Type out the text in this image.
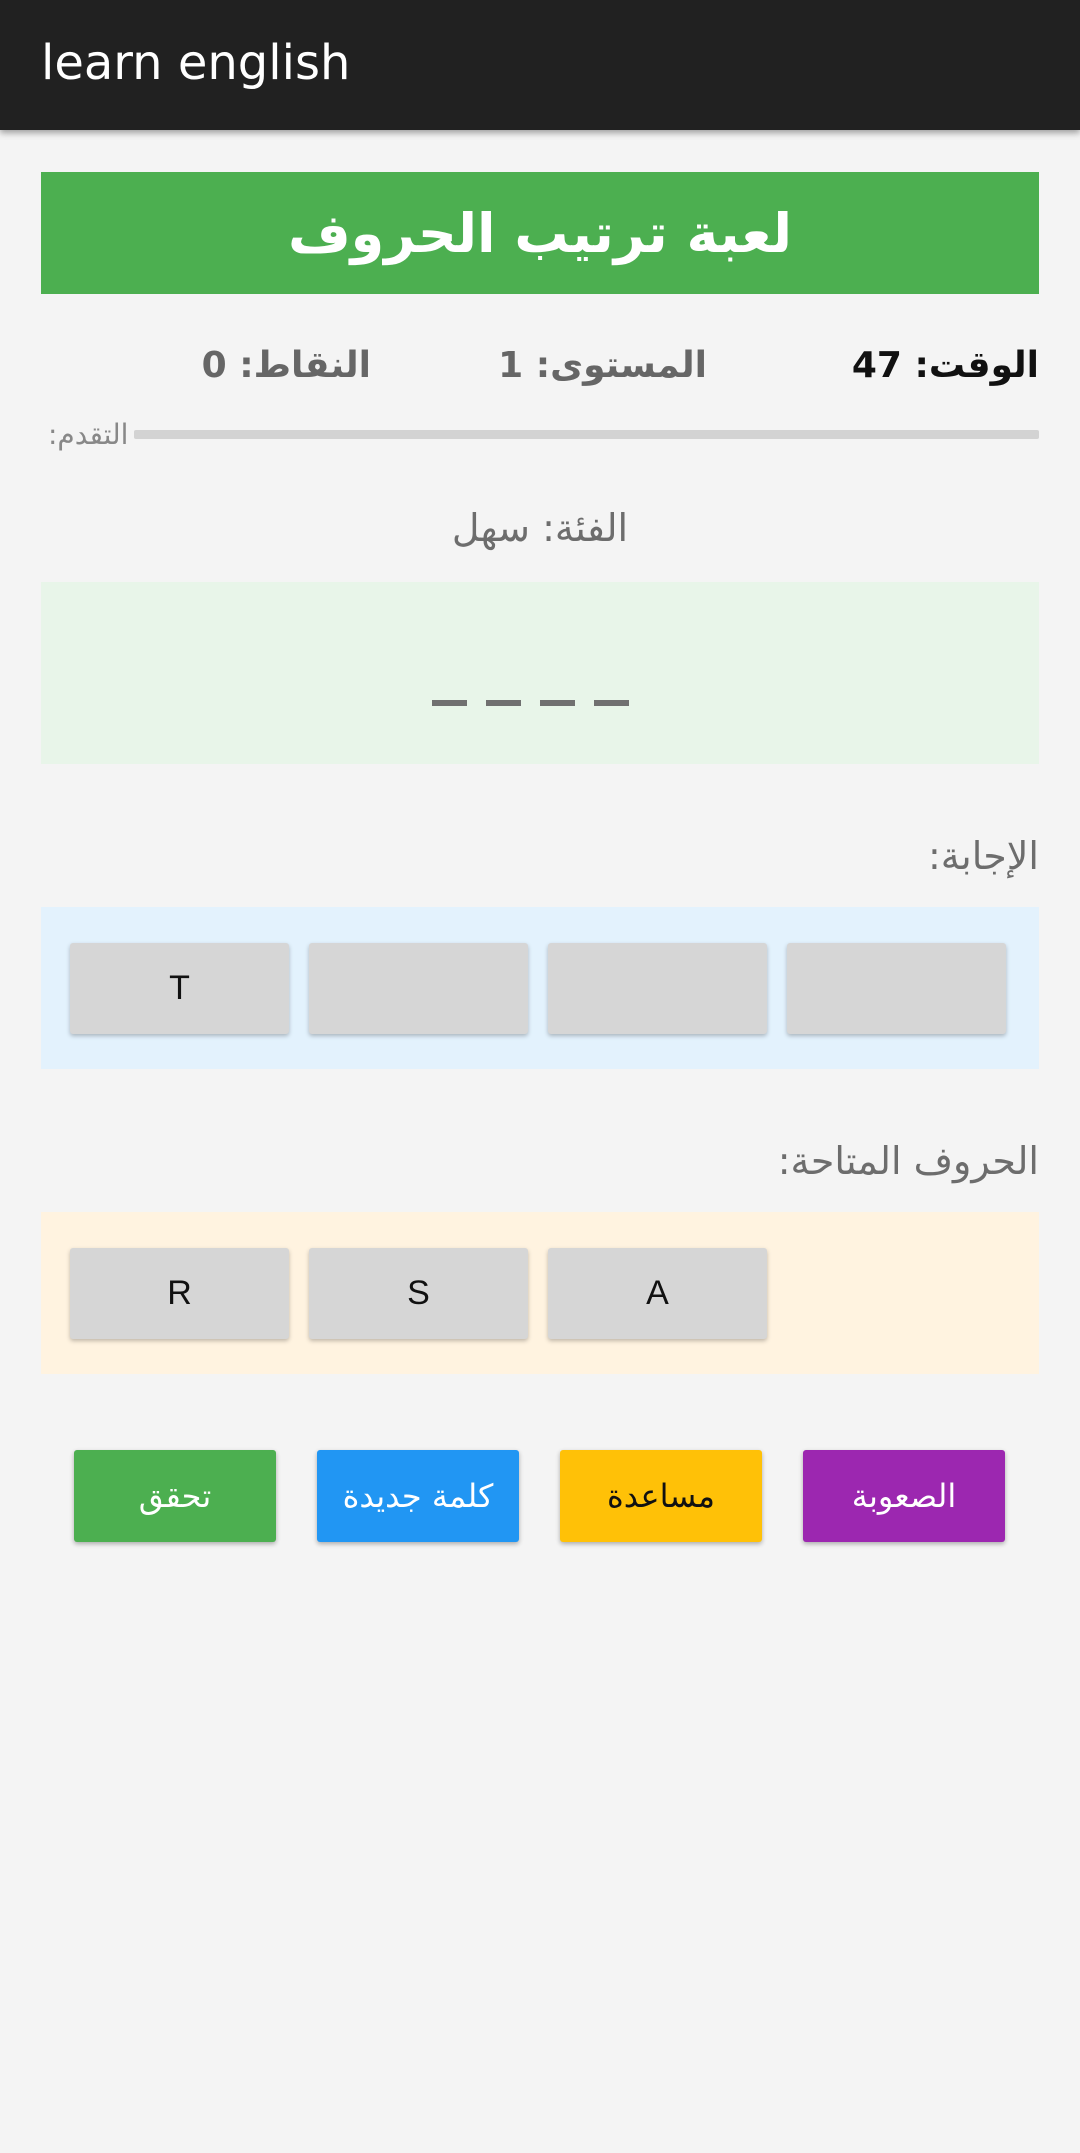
learn english
لعبة ترتيب الحروف
الوقت: 47
المستوى: 1
النقاط: 0
التقدم:
الفئة: سهل
الإجابة:
T
الحروف المتاحة:
R	S	A
تحقق	كلمة جديدة	مساعدة	الصعوبة
